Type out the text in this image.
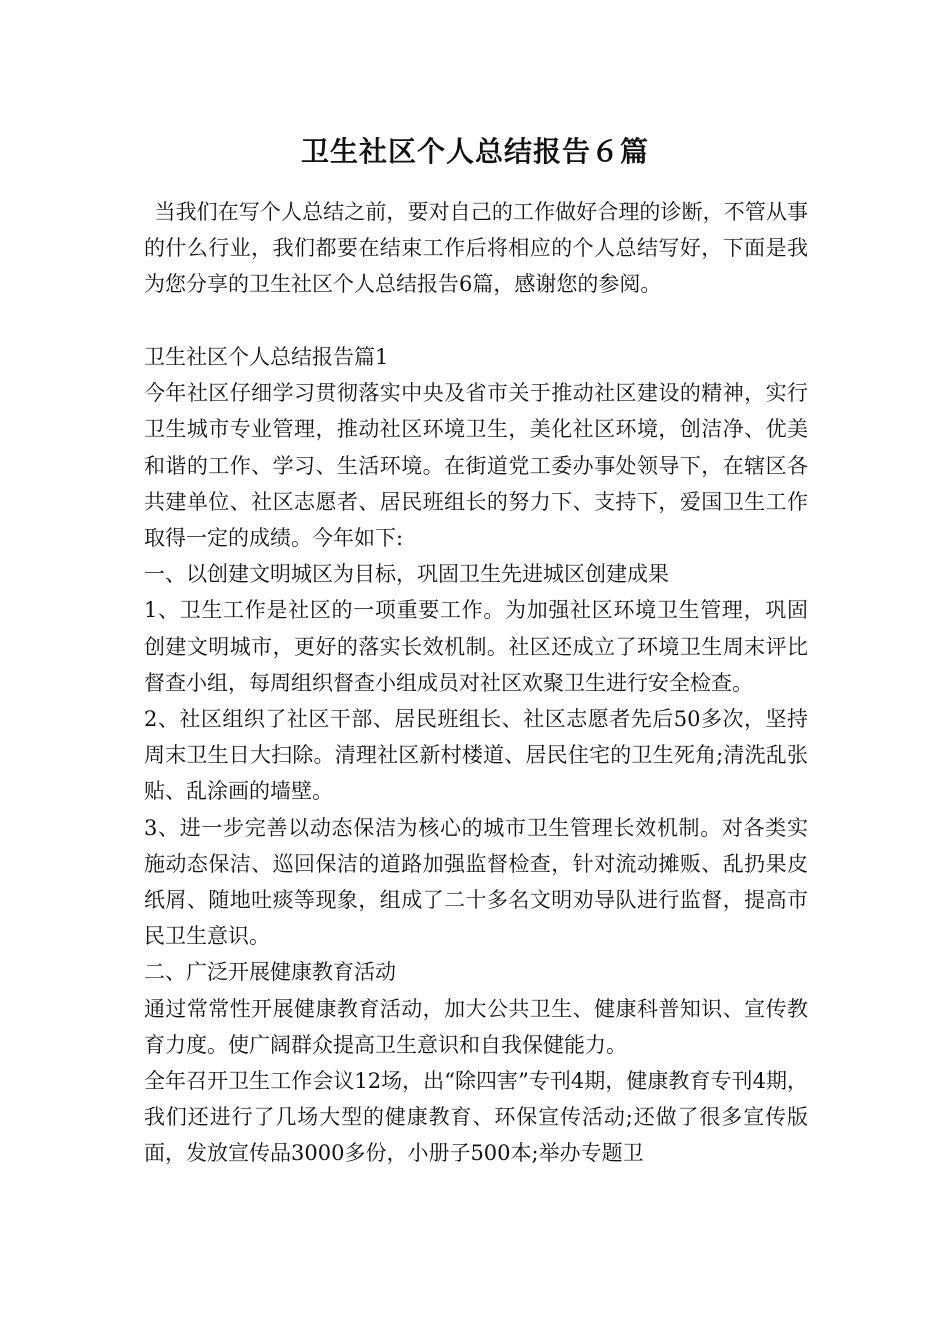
卫生社区个人总结报告６篇

当我们在写个人总结之前，要对自己的工作做好合理的诊断，不管从事的什么行业，我们都要在结束工作后将相应的个人总结写好，下面是我为您分享的卫生社区个人总结报告6篇，感谢您的参阅。

卫生社区个人总结报告篇1

今年社区仔细学习贯彻落实中央及省市关于推动社区建设的精神，实行卫生城市专业管理，推动社区环境卫生，美化社区环境，创洁净、优美和谐的工作、学习、生活环境。在街道党工委办事处领导下，在辖区各共建单位、社区志愿者、居民班组长的努力下、支持下，爱国卫生工作取得一定的成绩。今年如下:

一、以创建文明城区为目标，巩固卫生先进城区创建成果

1、卫生工作是社区的一项重要工作。为加强社区环境卫生管理，巩固创建文明城市，更好的落实长效机制。社区还成立了环境卫生周末评比督查小组，每周组织督查小组成员对社区欢聚卫生进行安全检查。

2、社区组织了社区干部、居民班组长、社区志愿者先后50多次，坚持周末卫生日大扫除。清理社区新村楼道、居民住宅的卫生死角;清洗乱张贴、乱涂画的墙壁。

3、进一步完善以动态保洁为核心的城市卫生管理长效机制。对各类实施动态保洁、巡回保洁的道路加强监督检查，针对流动摊贩、乱扔果皮纸屑、随地吐痰等现象，组成了二十多名文明劝导队进行监督，提高市民卫生意识。

二、广泛开展健康教育活动

通过常常性开展健康教育活动，加大公共卫生、健康科普知识、宣传教育力度。使广阔群众提高卫生意识和自我保健能力。

全年召开卫生工作会议12场，出“除四害”专刊4期，健康教育专刊4期，我们还进行了几场大型的健康教育、环保宣传活动;还做了很多宣传版面，发放宣传品3000多份，小册子500本;举办专题卫
